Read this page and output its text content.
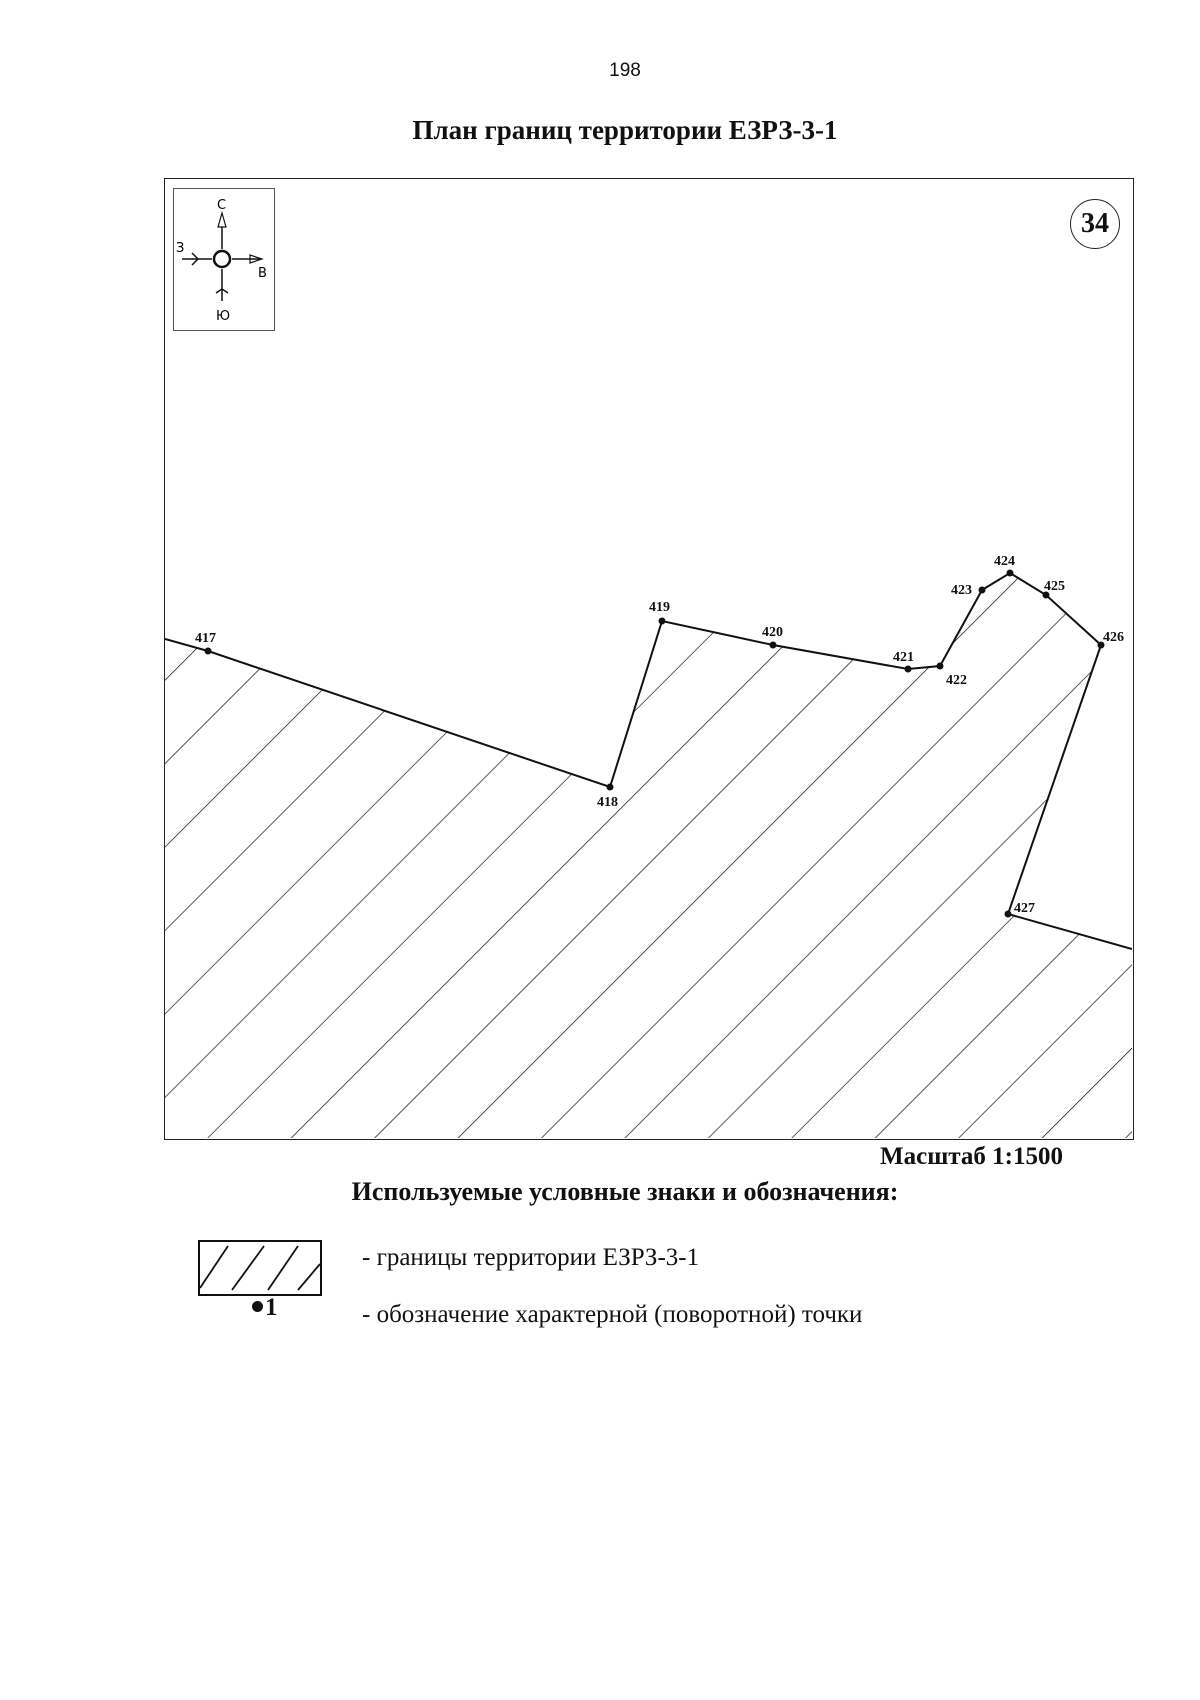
198
План границ территории ЕЗРЗ-3-1
417
418
419
420
421
422
423
424
425
426
427
С
З
В
Ю
34
Масштаб 1:1500
Используемые условные знаки и обозначения:
- границы территории ЕЗРЗ-3-1
1	- обозначение характерной (поворотной) точки
